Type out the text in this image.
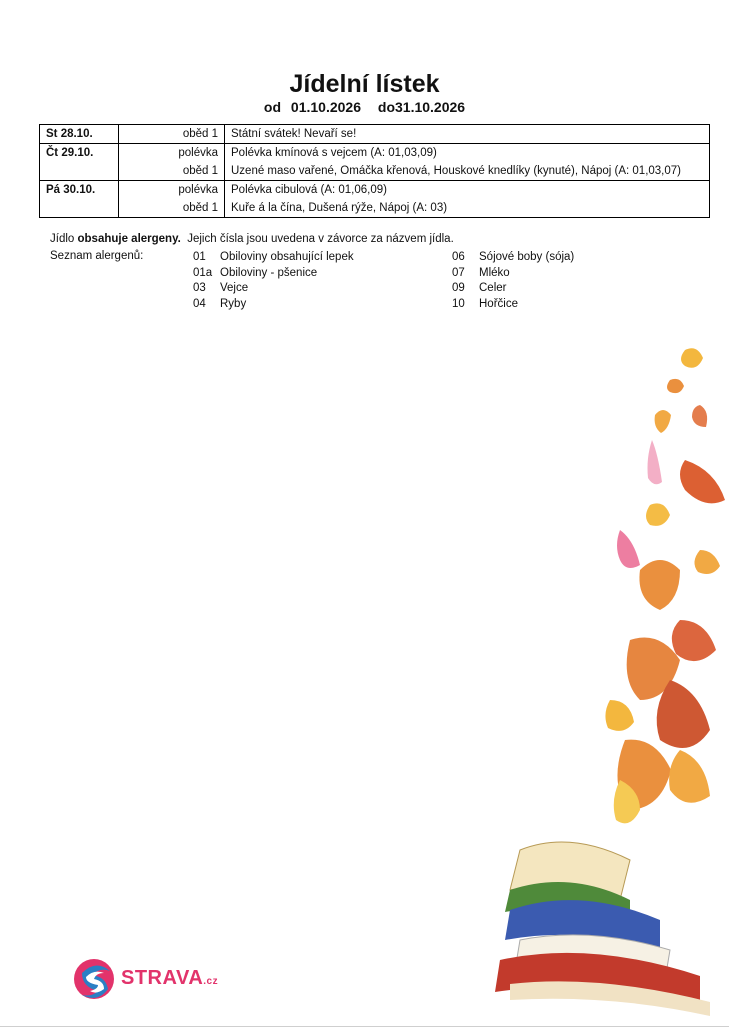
Jídelní lístek
od 01.10.2026 do31.10.2026
St 28.10.	oběd 1	Státní svátek! Nevaří se!
Čt 29.10.	polévka	Polévka kmínová s vejcem (A: 01,03,09)
	oběd 1	Uzené maso vařené, Omáčka křenová, Houskové knedlíky (kynuté), Nápoj (A: 01,03,07)
Pá 30.10.	polévka	Polévka cibulová (A: 01,06,09)
	oběd 1	Kuře á la čína, Dušená rýže, Nápoj (A: 03)
Jídlo obsahuje alergeny.  Jejich čísla jsou uvedena v závorce za názvem jídla.
Seznam alergenů:	01 Obiloviny obsahující lepek
01a Obiloviny - pšenice
03 Vejce
04 Ryby
06 Sójové boby (sója)
07 Mléko
09 Celer
10 Hořčice
STRAVA.cz
